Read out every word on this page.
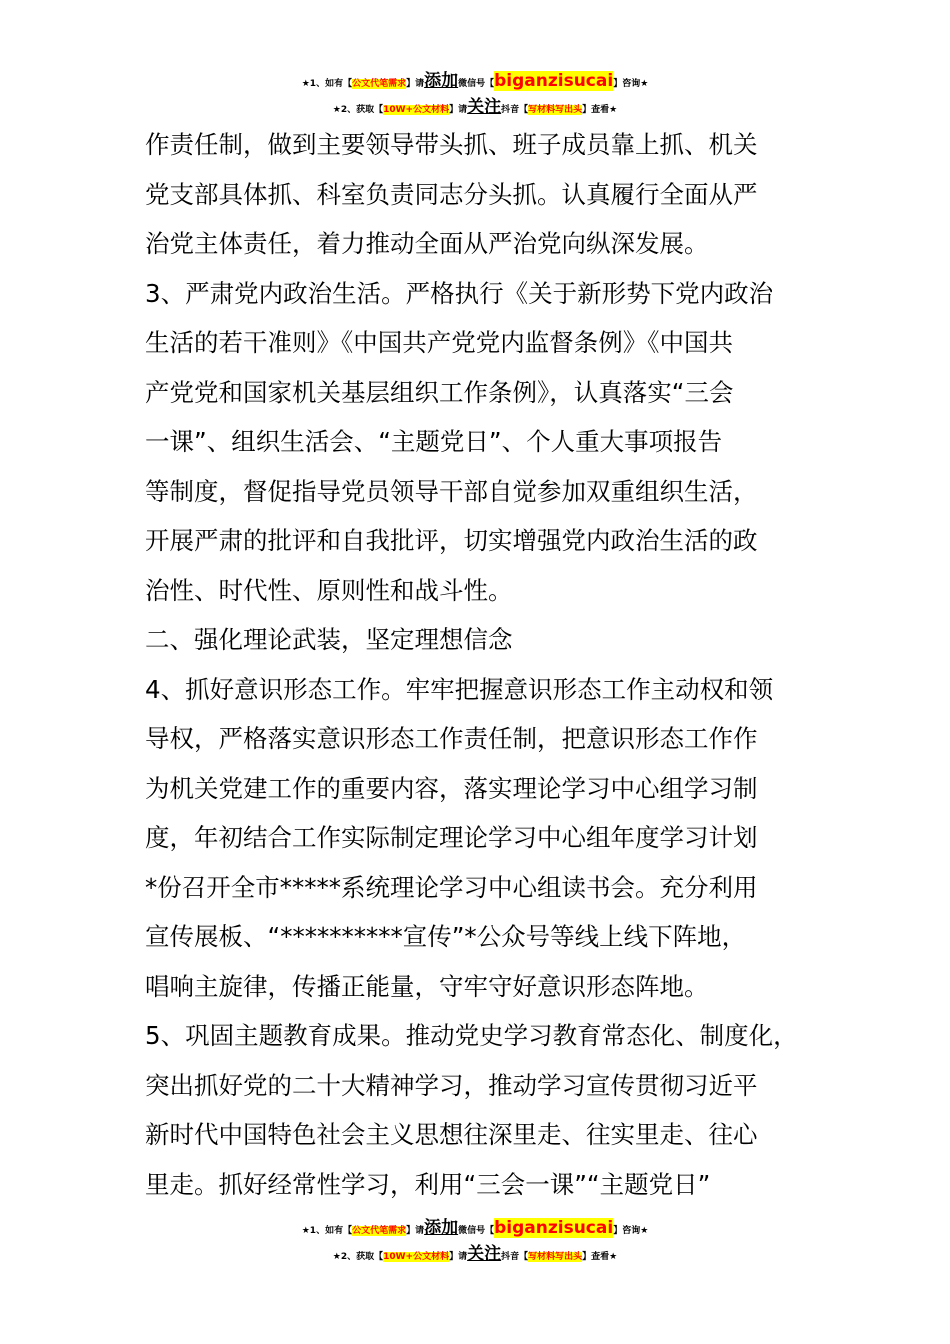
★1、如有【公文代笔需求】请添加微信号【biganzisucai】咨询★
★2、获取【10W+公文材料】请关注抖音【写材料写出头】查看★
作责任制，做到主要领导带头抓、班子成员靠上抓、机关
党支部具体抓、科室负责同志分头抓。认真履行全面从严
治党主体责任，着力推动全面从严治党向纵深发展。
3、严肃党内政治生活。严格执行《关于新形势下党内政治
生活的若干准则》《中国共产党党内监督条例》《中国共
产党党和国家机关基层组织工作条例》，认真落实“三会
一课”、组织生活会、“主题党日”、个人重大事项报告
等制度，督促指导党员领导干部自觉参加双重组织生活，
开展严肃的批评和自我批评，切实增强党内政治生活的政
治性、时代性、原则性和战斗性。
二、强化理论武装，坚定理想信念
4、抓好意识形态工作。牢牢把握意识形态工作主动权和领
导权，严格落实意识形态工作责任制，把意识形态工作作
为机关党建工作的重要内容，落实理论学习中心组学习制
度，年初结合工作实际制定理论学习中心组年度学习计划
*份召开全市*****系统理论学习中心组读书会。充分利用
宣传展板、“**********宣传”*公众号等线上线下阵地，
唱响主旋律，传播正能量，守牢守好意识形态阵地。
5、巩固主题教育成果。推动党史学习教育常态化、制度化，
突出抓好党的二十大精神学习，推动学习宣传贯彻习近平
新时代中国特色社会主义思想往深里走、往实里走、往心
里走。抓好经常性学习，利用“三会一课”“主题党日”
★1、如有【公文代笔需求】请添加微信号【biganzisucai】咨询★
★2、获取【10W+公文材料】请关注抖音【写材料写出头】查看★
